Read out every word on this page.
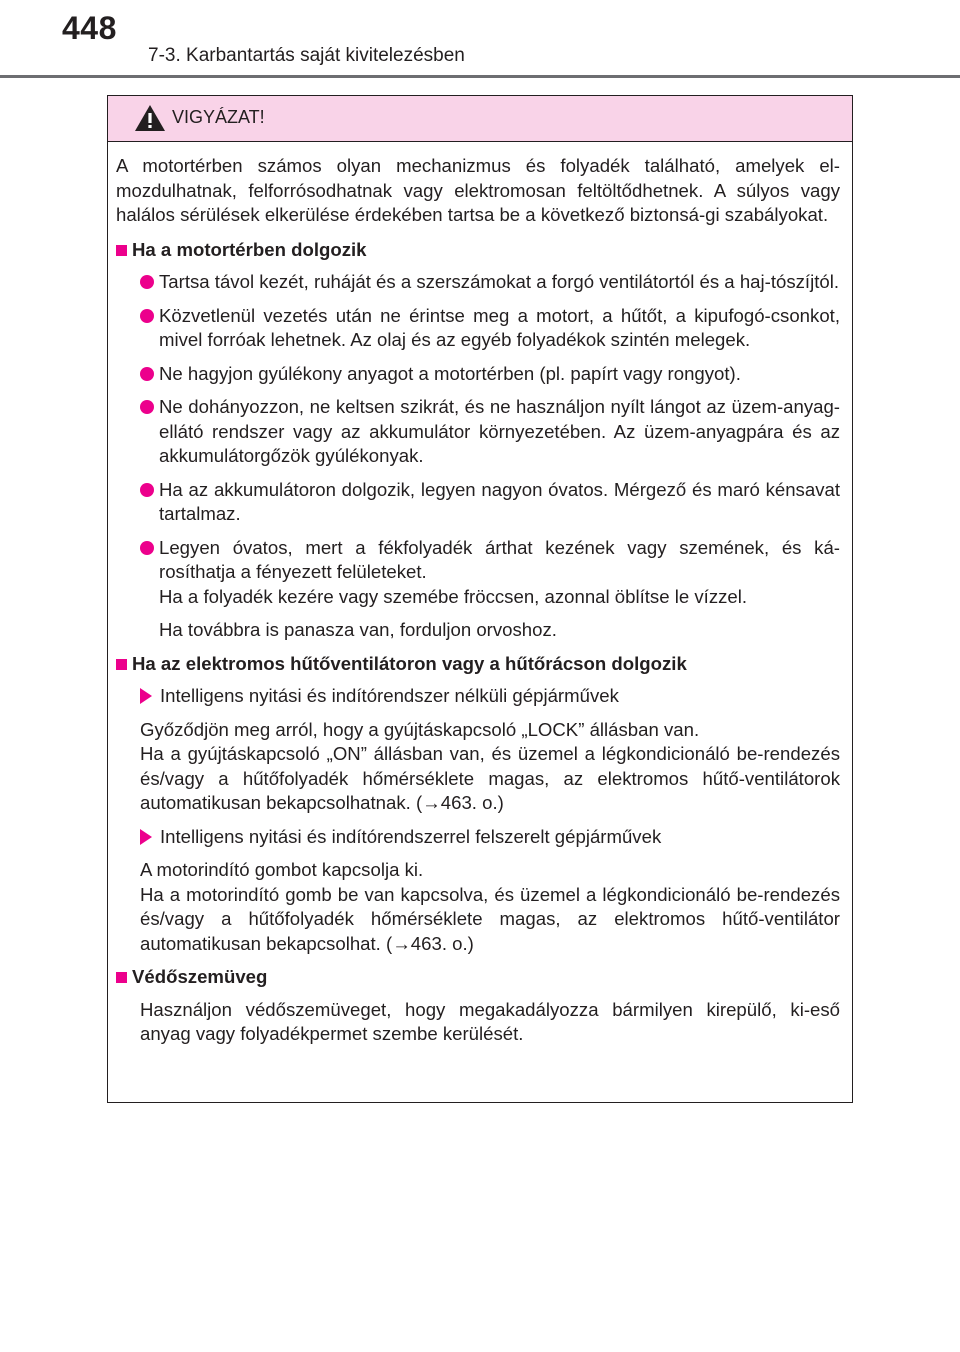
448
7-3. Karbantartás saját kivitelezésben
VIGYÁZAT!

A motortérben számos olyan mechanizmus és folyadék található, amelyek el-mozdulhatnak, felforrósodhatnak vagy elektromosan feltöltődhetnek. A súlyos vagy halálos sérülések elkerülése érdekében tartsa be a következő biztonsá-gi szabályokat.

Ha a motortérben dolgozik
Tartsa távol kezét, ruháját és a szerszámokat a forgó ventilátortól és a haj-tószíjtól.
Közvetlenül vezetés után ne érintse meg a motort, a hűtőt, a kipufogó-csonkot, mivel forróak lehetnek. Az olaj és az egyéb folyadékok szintén melegek.
Ne hagyjon gyúlékony anyagot a motortérben (pl. papírt vagy rongyot).
Ne dohányozzon, ne keltsen szikrát, és ne használjon nyílt lángot az üzem-anyag-ellátó rendszer vagy az akkumulátor környezetében. Az üzem-anyagpára és az akkumulátorgőzök gyúlékonyak.
Ha az akkumulátoron dolgozik, legyen nagyon óvatos. Mérgező és maró kénsavat tartalmaz.
Legyen óvatos, mert a fékfolyadék árthat kezének vagy szemének, és ká-rosíthatja a fényezett felületeket.
Ha a folyadék kezére vagy szemébe fröccsen, azonnal öblítse le vízzel.
Ha továbbra is panasza van, forduljon orvoshoz.
Ha az elektromos hűtőventilátoron vagy a hűtőrácson dolgozik
Intelligens nyitási és indítórendszer nélküli gépjárművek
Győződjön meg arról, hogy a gyújtáskapcsoló „LOCK” állásban van.
Ha a gyújtáskapcsoló „ON” állásban van, és üzemel a légkondicionáló be-rendezés és/vagy a hűtőfolyadék hőmérséklete magas, az elektromos hűtő-ventilátorok automatikusan bekapcsolhatnak. (→463. o.)
Intelligens nyitási és indítórendszerrel felszerelt gépjárművek
A motorindító gombot kapcsolja ki.
Ha a motorindító gomb be van kapcsolva, és üzemel a légkondicionáló be-rendezés és/vagy a hűtőfolyadék hőmérséklete magas, az elektromos hűtő-ventilátor automatikusan bekapcsolhat. (→463. o.)
Védőszemüveg
Használjon védőszemüveget, hogy megakadályozza bármilyen kirepülő, ki-eső anyag vagy folyadékpermet szembe kerülését.
